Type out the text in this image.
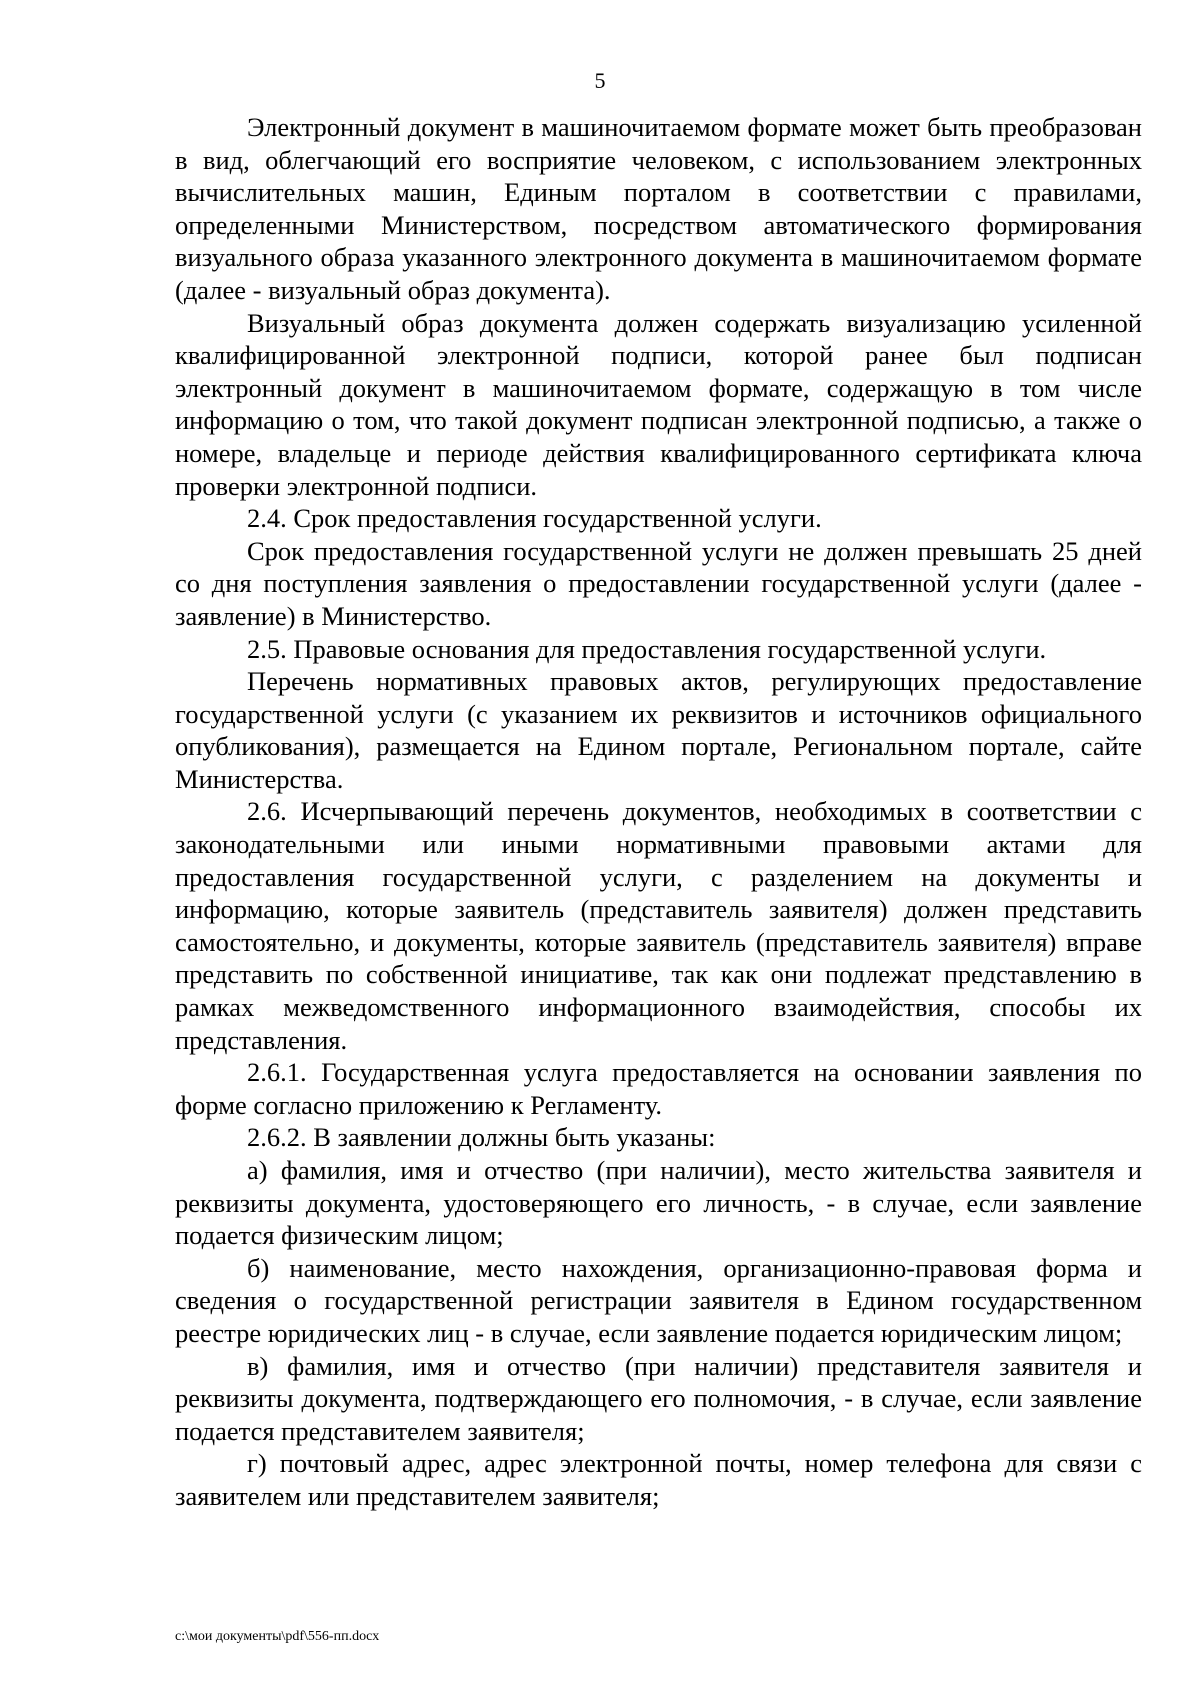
5

Электронный документ в машиночитаемом формате может быть преобразован в вид, облегчающий его восприятие человеком, с использованием электронных вычислительных машин, Единым порталом в соответствии с правилами, определенными Министерством, посредством автоматического формирования визуального образа указанного электронного документа в машиночитаемом формате (далее - визуальный образ документа).

Визуальный образ документа должен содержать визуализацию усиленной квалифицированной электронной подписи, которой ранее был подписан электронный документ в машиночитаемом формате, содержащую в том числе информацию о том, что такой документ подписан электронной подписью, а также о номере, владельце и периоде действия квалифицированного сертификата ключа проверки электронной подписи.

2.4. Срок предоставления государственной услуги.

Срок предоставления государственной услуги не должен превышать 25 дней со дня поступления заявления о предоставлении государственной услуги (далее - заявление) в Министерство.

2.5. Правовые основания для предоставления государственной услуги.

Перечень нормативных правовых актов, регулирующих предоставление государственной услуги (с указанием их реквизитов и источников официального опубликования), размещается на Едином портале, Региональном портале, сайте Министерства.

2.6. Исчерпывающий перечень документов, необходимых в соответствии с законодательными или иными нормативными правовыми актами для предоставления государственной услуги, с разделением на документы и информацию, которые заявитель (представитель заявителя) должен представить самостоятельно, и документы, которые заявитель (представитель заявителя) вправе представить по собственной инициативе, так как они подлежат представлению в рамках межведомственного информационного взаимодействия, способы их представления.

2.6.1. Государственная услуга предоставляется на основании заявления по форме согласно приложению к Регламенту.

2.6.2. В заявлении должны быть указаны:

а) фамилия, имя и отчество (при наличии), место жительства заявителя и реквизиты документа, удостоверяющего его личность, - в случае, если заявление подается физическим лицом;

б) наименование, место нахождения, организационно-правовая форма и сведения о государственной регистрации заявителя в Едином государственном реестре юридических лиц - в случае, если заявление подается юридическим лицом;

в) фамилия, имя и отчество (при наличии) представителя заявителя и реквизиты документа, подтверждающего его полномочия, - в случае, если заявление подается представителем заявителя;

г) почтовый адрес, адрес электронной почты, номер телефона для связи с заявителем или представителем заявителя;

c:\мои документы\pdf\556-пп.docx
